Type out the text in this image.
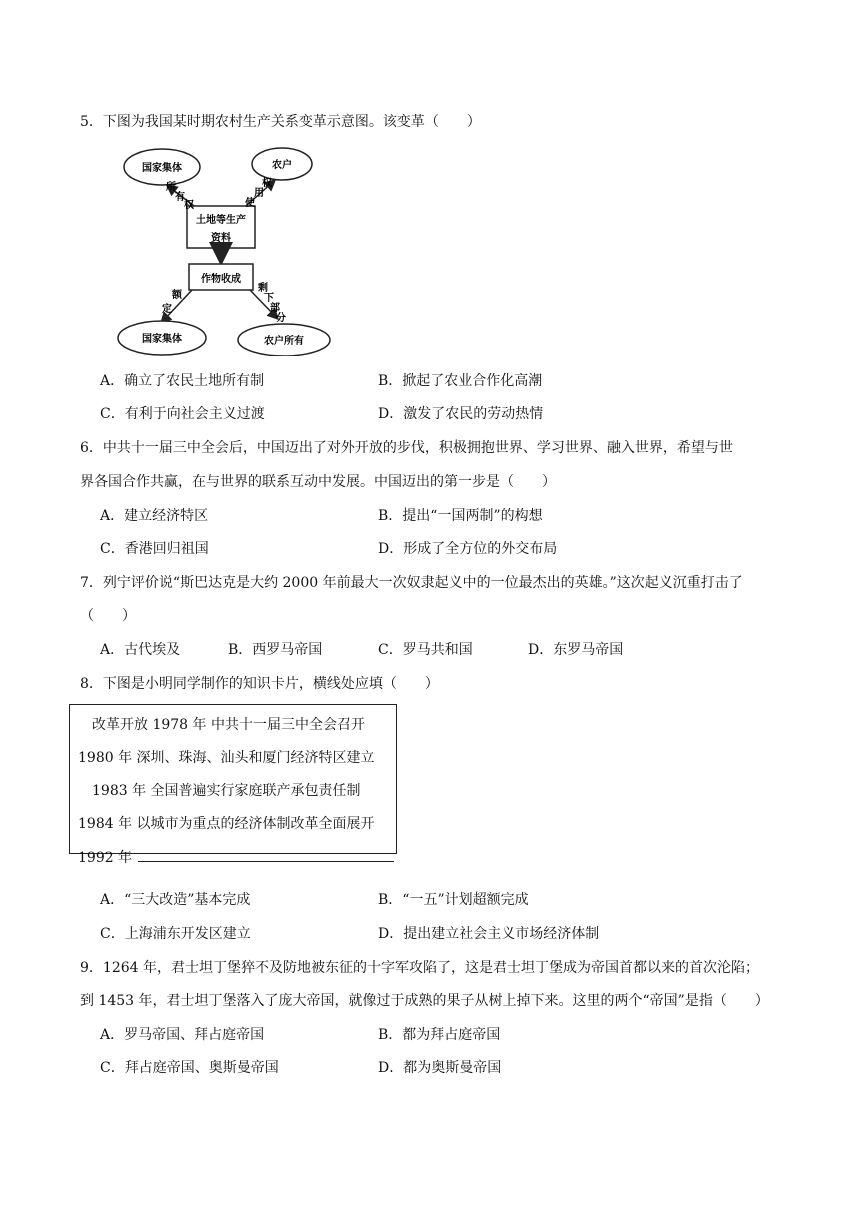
5．下图为我国某时期农村生产关系变革示意图。该变革（　　）
国家集体	农户
土地等生产
资料
所
有
权	使
用
权
作物收成
额
定
剩
下
部
分
国家集体	农户所有
A．确立了农民土地所有制	B．掀起了农业合作化高潮
C．有利于向社会主义过渡	D．激发了农民的劳动热情
6．中共十一届三中全会后，中国迈出了对外开放的步伐，积极拥抱世界、学习世界、融入世界，希望与世
界各国合作共赢，在与世界的联系互动中发展。中国迈出的第一步是（　　）
A．建立经济特区	B．提出“一国两制”的构想
C．香港回归祖国	D．形成了全方位的外交布局
7．列宁评价说“斯巴达克是大约 2000 年前最大一次奴隶起义中的一位最杰出的英雄。”这次起义沉重打击了
（　　）
A．古代埃及	B．西罗马帝国	C．罗马共和国	D．东罗马帝国
8．下图是小明同学制作的知识卡片，横线处应填（　　）
改革开放 1978 年 中共十一届三中全会召开
1980 年 深圳、珠海、汕头和厦门经济特区建立
1983 年 全国普遍实行家庭联产承包责任制
1984 年 以城市为重点的经济体制改革全面展开
1992 年
A．“三大改造”基本完成	B．“一五”计划超额完成
C．上海浦东开发区建立	D．提出建立社会主义市场经济体制
9．1264 年，君士坦丁堡猝不及防地被东征的十字军攻陷了，这是君士坦丁堡成为帝国首都以来的首次沦陷；
到 1453 年，君士坦丁堡落入了庞大帝国，就像过于成熟的果子从树上掉下来。这里的两个“帝国”是指（　　）
A．罗马帝国、拜占庭帝国	B．都为拜占庭帝国
C．拜占庭帝国、奥斯曼帝国	D．都为奥斯曼帝国
